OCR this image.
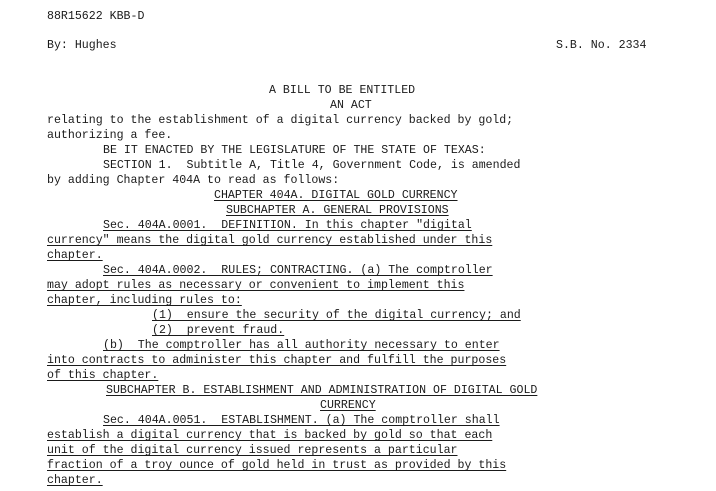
88R15622 KBB-D
By: Hughes	S.B. No. 2334
A BILL TO BE ENTITLED
AN ACT
relating to the establishment of a digital currency backed by gold;
authorizing a fee.
BE IT ENACTED BY THE LEGISLATURE OF THE STATE OF TEXAS:
SECTION 1.  Subtitle A, Title 4, Government Code, is amended
by adding Chapter 404A to read as follows:
CHAPTER 404A. DIGITAL GOLD CURRENCY
SUBCHAPTER A. GENERAL PROVISIONS
Sec. 404A.0001.  DEFINITION. In this chapter "digital
currency" means the digital gold currency established under this
chapter.
Sec. 404A.0002.  RULES; CONTRACTING. (a) The comptroller
may adopt rules as necessary or convenient to implement this
chapter, including rules to:
(1)  ensure the security of the digital currency; and
(2)  prevent fraud.
(b)  The comptroller has all authority necessary to enter
into contracts to administer this chapter and fulfill the purposes
of this chapter.
SUBCHAPTER B. ESTABLISHMENT AND ADMINISTRATION OF DIGITAL GOLD
CURRENCY
Sec. 404A.0051.  ESTABLISHMENT. (a) The comptroller shall
establish a digital currency that is backed by gold so that each
unit of the digital currency issued represents a particular
fraction of a troy ounce of gold held in trust as provided by this
chapter.
